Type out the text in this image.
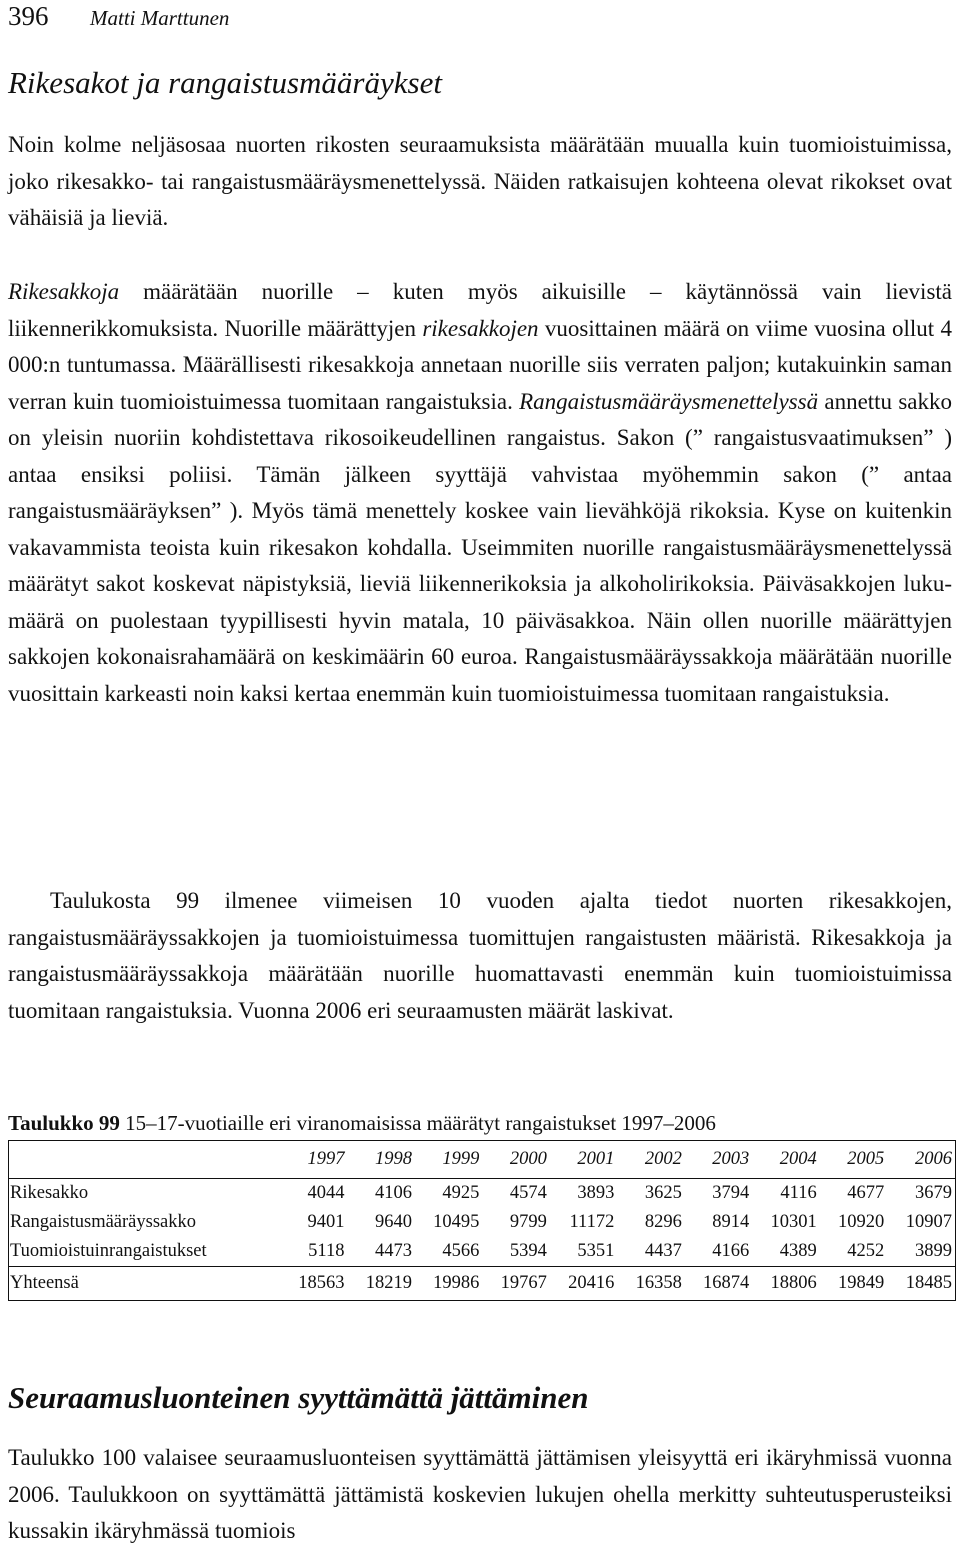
396 Matti Marttunen
Rikesakot ja rangaistusmääräykset

Noin kolme neljäsosaa nuorten rikosten seuraamuksista määrätään muualla kuin tuomioistuimissa, joko rikesakko- tai rangaistusmääräysmenettelyssä. Näiden ratkaisujen kohteena olevat rikokset ovat vähäisiä ja lieviä.

Rikesakkoja määrätään nuorille – kuten myös aikuisille – käytännössä vain lievistä liikennerikkomuksista. Nuorille määrättyjen rikesakkojen vuosittainen määrä on viime vuosina ollut 4 000:n tuntumassa. Määrällisesti rikesakkoja annetaan nuorille siis verraten paljon; kutakuinkin saman verran kuin tuomioistuimessa tuomitaan rangaistuksia. Rangaistusmääräysmenettelyssä annettu sakko on yleisin nuoriin kohdistettava rikosoikeudellinen rangaistus. Sakon (” rangaistusvaatimuksen” ) antaa ensiksi poliisi. Tämän jälkeen syyttäjä vahvistaa myöhemmin sakon (” antaa rangaistusmääräyksen” ). Myös tämä menettely koskee vain lievähköjä rikoksia. Kyse on kuitenkin vakavammista teoista kuin rikesakon kohdalla. Useimmiten nuorille rangaistusmääräysmenettelyssä määrätyt sakot koskevat näpistyksiä, lieviä liikennerikoksia ja alkoholirikoksia. Päiväsakkojen lukumäärä on puolestaan tyypillisesti hyvin matala, 10 päiväsakkoa. Näin ollen nuorille määrättyjen sakkojen kokonaisrahamäärä on keskimäärin 60 euroa. Rangaistusmääräyssakkoja määrätään nuorille vuosittain karkeasti noin kaksi kertaa enemmän kuin tuomioistuimessa tuomitaan rangaistuksia.

Taulukosta 99 ilmenee viimeisen 10 vuoden ajalta tiedot nuorten rikesakkojen, rangaistusmääräyssakkojen ja tuomioistuimessa tuomittujen rangaistusten määristä. Rikesakkoja ja rangaistusmääräyssakkoja määrätään nuorille huomattavasti enemmän kuin tuomioistuimissa tuomitaan rangaistuksia. Vuonna 2006 eri seuraamusten määrät laskivat.

Taulukko 99 15–17-vuotiaille eri viranomaisissa määrätyt rangaistukset 1997–2006
	1997	1998	1999	2000	2001	2002	2003	2004	2005	2006
Rikesakko	4044	4106	4925	4574	3893	3625	3794	4116	4677	3679
Rangaistusmääräyssakko	9401	9640	10495	9799	11172	8296	8914	10301	10920	10907
Tuomioistuinrangaistukset	5118	4473	4566	5394	5351	4437	4166	4389	4252	3899
Yhteensä	18563	18219	19986	19767	20416	16358	16874	18806	19849	18485
Seuraamusluonteinen syyttämättä jättäminen

Taulukko 100 valaisee seuraamusluonteisen syyttämättä jättämisen yleisyyttä eri ikäryhmissä vuonna 2006. Taulukkoon on syyttämättä jättämistä koskevien lukujen ohella merkitty suhteutusperusteiksi kussakin ikäryhmässä tuomiois
